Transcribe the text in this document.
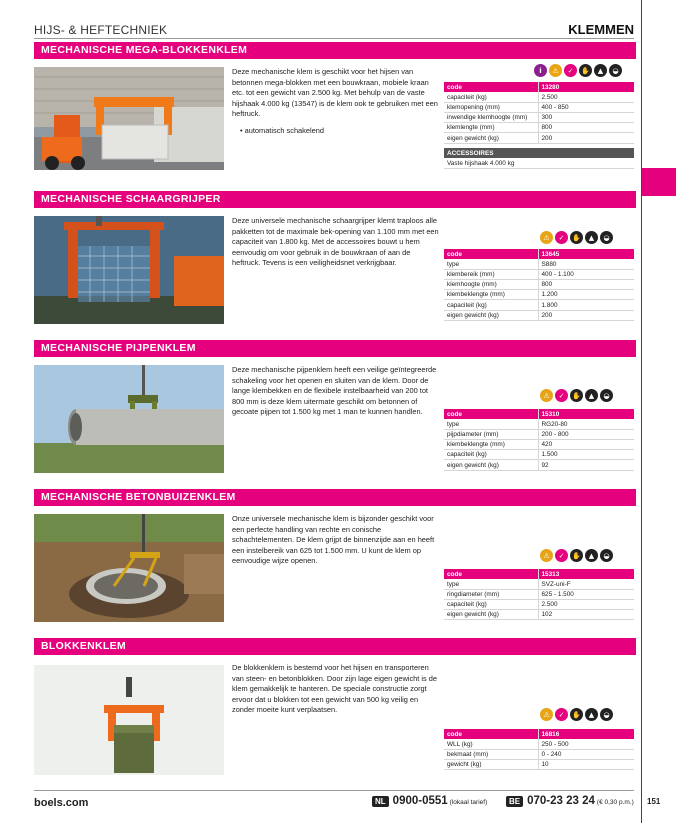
HIJS- & HEFTECHNIEK	KLEMMEN
MECHANISCHE MEGA-BLOKKENKLEM
Deze mechanische klem is geschikt voor het hijsen van betonnen mega-blokken met een bouwkraan, mobiele kraan etc. tot een gewicht van 2.500 kg. Met behulp van de vaste hijshaak 4.000 kg (13547) is de klem ook te gebruiken met een heftruck.
• automatisch schakelend
i	⚠	✓	✋	▲	◒
code	13280
capaciteit (kg)	2.500
klemopening (mm)	400 - 850
inwendige klemhoogte (mm)	300
klemlengte (mm)	800
eigen gewicht (kg)	200

ACCESSOIRES	
Vaste hijshaak 4.000 kg	
MECHANISCHE SCHAARGRIJPER
Deze universele mechanische schaargrijper klemt traploos alle pakketten tot de maximale bek-opening van 1.100 mm met een capaciteit van 1.800 kg. Met de accessoires bouwt u hem eenvoudig om voor gebruik in de bouwkraan of aan de heftruck. Tevens is een veiligheidsnet verkrijgbaar.
⚠	✓	✋	▲	◒
code	13645
type	S880
klembereik (mm)	400 - 1.100
klemhoogte (mm)	800
klembeklengte (mm)	1.200
capaciteit (kg)	1.800
eigen gewicht (kg)	200
MECHANISCHE PIJPENKLEM
Deze mechanische pijpenklem heeft een veilige geïntegreerde schakeling voor het openen en sluiten van de klem. Door de lange klembekken en de flexibele instelbaarheid van 200 tot 800 mm is deze klem uitermate geschikt om betonnen of gecoate pijpen tot 1.500 kg met 1 man te kunnen handlen.
⚠	✓	✋	▲	◒
code	15310
type	RG20-80
pijpdiameter (mm)	200 - 800
klembeklengte (mm)	420
capaciteit (kg)	1.500
eigen gewicht (kg)	92
MECHANISCHE BETONBUIZENKLEM
Onze universele mechanische klem is bijzonder geschikt voor een perfecte handling van rechte en conische schachtelementen. De klem grijpt de binnenzijde aan en heeft een instelbereik van 625 tot 1.500 mm. U kunt de klem op eenvoudige wijze openen.
⚠	✓	✋	▲	◒
code	15313
type	SVZ-uni-F
ringdiameter (mm)	625 - 1.500
capaciteit (kg)	2.500
eigen gewicht (kg)	102
BLOKKENKLEM
De blokkenklem is bestemd voor het hijsen en transporteren van steen- en betonblokken. Door zijn lage eigen gewicht is de klem gemakkelijk te hanteren. De speciale constructie zorgt ervoor dat u blokken tot een gewicht van 500 kg veilig en zonder moeite kunt verplaatsen.
⚠	✓	✋	▲	◒
code	16816
WLL (kg)	250 - 500
bekmaat (mm)	0 - 240
gewicht (kg)	10
boels.com	NL 0900-0551 (lokaal tarief)	BE 070-23 23 24 (€ 0,30 p.m.) 151
